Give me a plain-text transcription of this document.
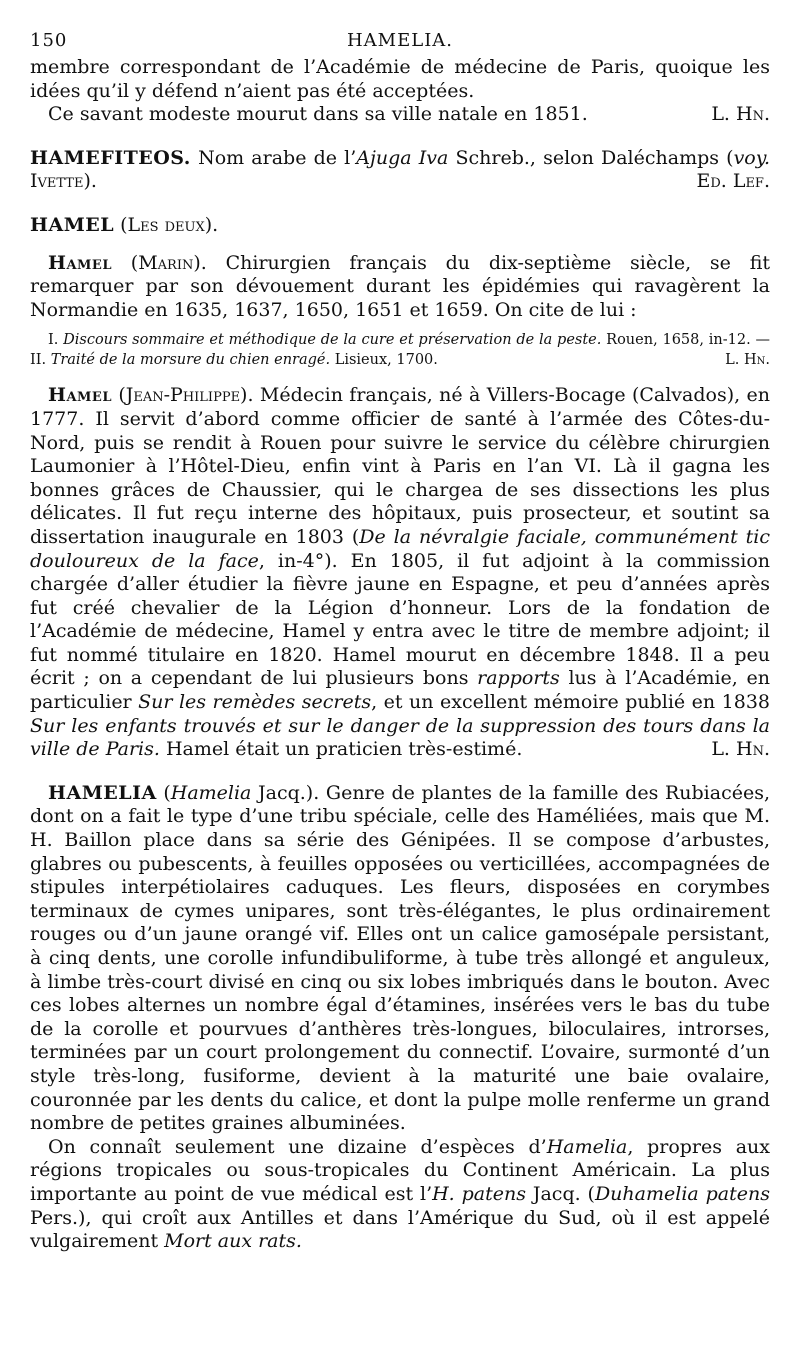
150	HAMELIA.

membre correspondant de l’Académie de médecine de Paris, quoique les idées qu’il y défend n’aient pas été acceptées.

Ce savant modeste mourut dans sa ville natale en 1851.	L. Hn.

HAMEFITEOS. Nom arabe de l’Ajuga Iva Schreb., selon Daléchamps (voy. Ivette).	Ed. Lef.

HAMEL (Les deux).

Hamel (Marin). Chirurgien français du dix-septième siècle, se fit remarquer par son dévouement durant les épidémies qui ravagèrent la Normandie en 1635, 1637, 1650, 1651 et 1659. On cite de lui :

I. Discours sommaire et méthodique de la cure et préservation de la peste. Rouen, 1658, in-12. — II. Traité de la morsure du chien enragé. Lisieux, 1700.	L. Hn.

Hamel (Jean-Philippe). Médecin français, né à Villers-Bocage (Calvados), en 1777. Il servit d’abord comme officier de santé à l’armée des Côtes-du-Nord, puis se rendit à Rouen pour suivre le service du célèbre chirurgien Laumonier à l’Hôtel-Dieu, enfin vint à Paris en l’an VI. Là il gagna les bonnes grâces de Chaussier, qui le chargea de ses dissections les plus délicates. Il fut reçu interne des hôpitaux, puis prosecteur, et soutint sa dissertation inaugurale en 1803 (De la névralgie faciale, communément tic douloureux de la face, in-4°). En 1805, il fut adjoint à la commission chargée d’aller étudier la fièvre jaune en Espagne, et peu d’années après fut créé chevalier de la Légion d’honneur. Lors de la fondation de l’Académie de médecine, Hamel y entra avec le titre de membre adjoint; il fut nommé titulaire en 1820. Hamel mourut en décembre 1848. Il a peu écrit ; on a cependant de lui plusieurs bons rapports lus à l’Académie, en particulier Sur les remèdes secrets, et un excellent mémoire publié en 1838 Sur les enfants trouvés et sur le danger de la suppression des tours dans la ville de Paris. Hamel était un praticien très-estimé.	L. Hn.

HAMELIA (Hamelia Jacq.). Genre de plantes de la famille des Rubiacées, dont on a fait le type d’une tribu spéciale, celle des Haméliées, mais que M. H. Baillon place dans sa série des Génipées. Il se compose d’arbustes, glabres ou pubescents, à feuilles opposées ou verticillées, accompagnées de stipules interpétiolaires caduques. Les fleurs, disposées en corymbes terminaux de cymes unipares, sont très-élégantes, le plus ordinairement rouges ou d’un jaune orangé vif. Elles ont un calice gamosépale persistant, à cinq dents, une corolle infundibuliforme, à tube très allongé et anguleux, à limbe très-court divisé en cinq ou six lobes imbriqués dans le bouton. Avec ces lobes alternes un nombre égal d’étamines, insérées vers le bas du tube de la corolle et pourvues d’anthères très-longues, biloculaires, introrses, terminées par un court prolongement du connectif. L’ovaire, surmonté d’un style très-long, fusiforme, devient à la maturité une baie ovalaire, couronnée par les dents du calice, et dont la pulpe molle renferme un grand nombre de petites graines albuminées.

On connaît seulement une dizaine d’espèces d’Hamelia, propres aux régions tropicales ou sous-tropicales du Continent Américain. La plus importante au point de vue médical est l’H. patens Jacq. (Duhamelia patens Pers.), qui croît aux Antilles et dans l’Amérique du Sud, où il est appelé vulgairement Mort aux rats.
